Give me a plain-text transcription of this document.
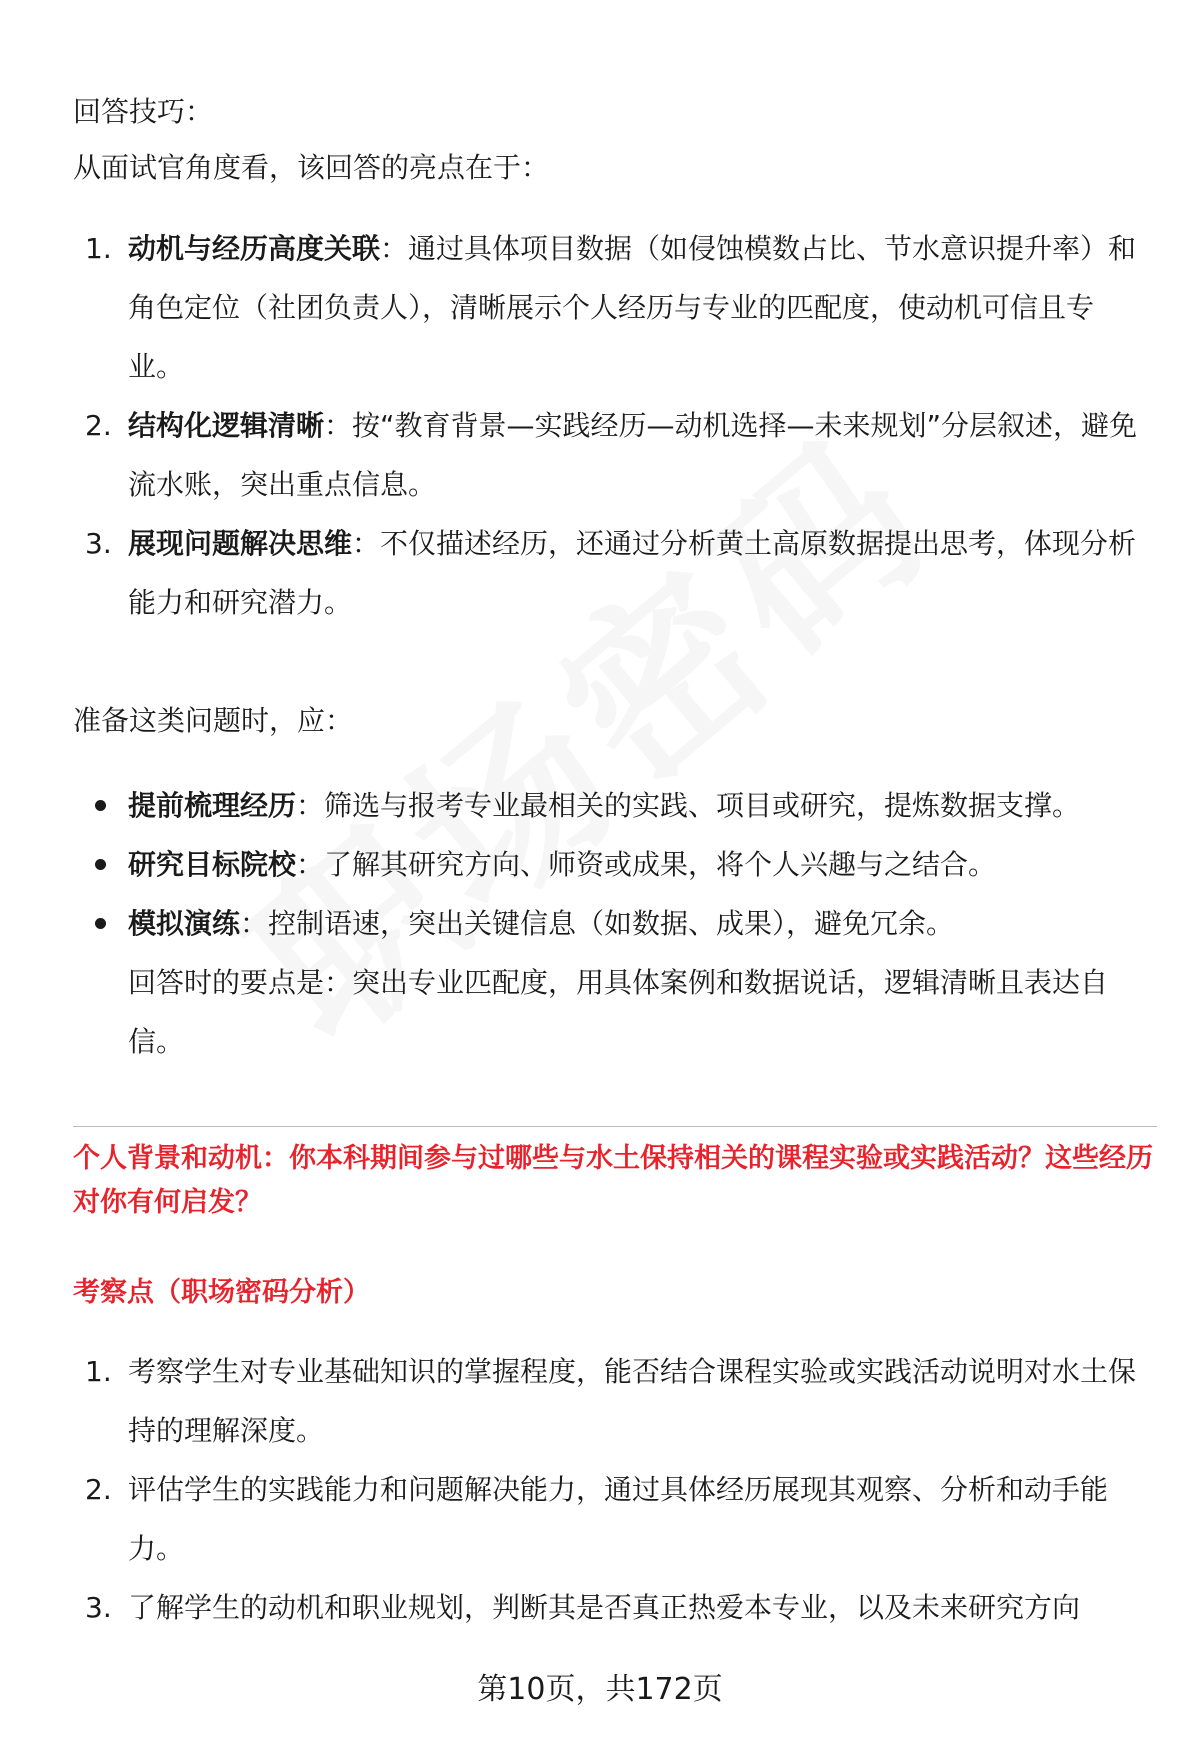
回答技巧：

从面试官角度看，该回答的亮点在于：

1. 动机与经历高度关联：通过具体项目数据（如侵蚀模数占比、节水意识提升率）和角色定位（社团负责人），清晰展示个人经历与专业的匹配度，使动机可信且专业。
2. 结构化逻辑清晰：按“教育背景—实践经历—动机选择—未来规划”分层叙述，避免流水账，突出重点信息。
3. 展现问题解决思维：不仅描述经历，还通过分析黄土高原数据提出思考，体现分析能力和研究潜力。

准备这类问题时，应：

提前梳理经历：筛选与报考专业最相关的实践、项目或研究，提炼数据支撑。
研究目标院校：了解其研究方向、师资或成果，将个人兴趣与之结合。
模拟演练：控制语速，突出关键信息（如数据、成果），避免冗余。
回答时的要点是：突出专业匹配度，用具体案例和数据说话，逻辑清晰且表达自信。

个人背景和动机：你本科期间参与过哪些与水土保持相关的课程实验或实践活动？这些经历对你有何启发？

考察点（职场密码分析）

1. 考察学生对专业基础知识的掌握程度，能否结合课程实验或实践活动说明对水土保持的理解深度。
2. 评估学生的实践能力和问题解决能力，通过具体经历展现其观察、分析和动手能力。
3. 了解学生的动机和职业规划，判断其是否真正热爱本专业，以及未来研究方向
第10页，共172页
